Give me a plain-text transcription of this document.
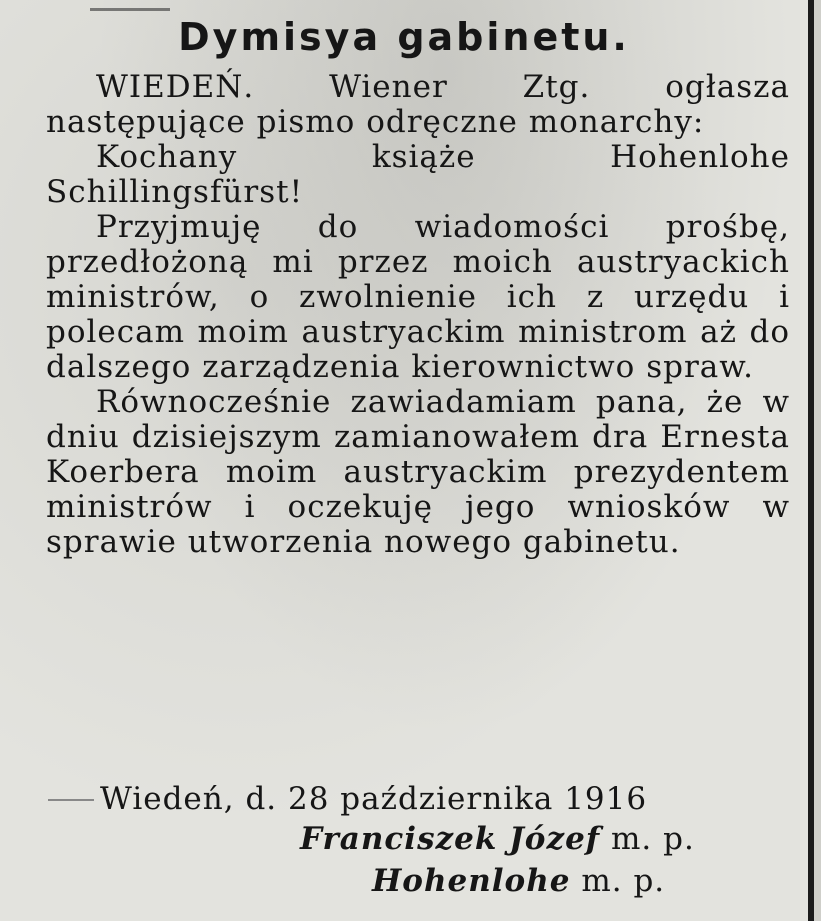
Dymisya gabinetu.

WIEDEŃ. Wiener Ztg. ogłasza następujące pismo odręczne monarchy:

Kochany książe Hohenlohe Schillingsfürst!

Przyjmuję do wiadomości prośbę, przedłożoną mi przez moich austryackich ministrów, o zwolnienie ich z urzędu i polecam moim austryackim ministrom aż do dalszego zarządzenia kierownictwo spraw.

Równocześnie zawiadamiam pana, że w dniu dzisiejszym zamianowałem dra Ernesta Koerbera moim austryackim prezydentem ministrów i oczekuję jego wniosków w sprawie utworzenia nowego gabinetu.

Wiedeń, d. 28 października 1916
Franciszek Józef m. p.
Hohenlohe m. p.
